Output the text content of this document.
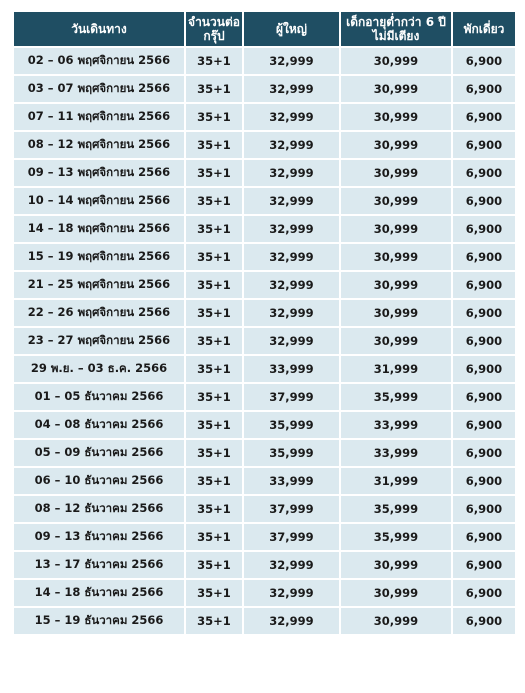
วันเดินทาง	จำนวนต่อ กรุ๊ป	ผู้ใหญ่	เด็กอายุต่ำกว่า 6 ปี ไม่มีเตียง	พักเดี่ยว
02 – 06 พฤศจิกายน 2566	35+1	32,999	30,999	6,900
03 – 07 พฤศจิกายน 2566	35+1	32,999	30,999	6,900
07 – 11 พฤศจิกายน 2566	35+1	32,999	30,999	6,900
08 – 12 พฤศจิกายน 2566	35+1	32,999	30,999	6,900
09 – 13 พฤศจิกายน 2566	35+1	32,999	30,999	6,900
10 – 14 พฤศจิกายน 2566	35+1	32,999	30,999	6,900
14 – 18 พฤศจิกายน 2566	35+1	32,999	30,999	6,900
15 – 19 พฤศจิกายน 2566	35+1	32,999	30,999	6,900
21 – 25 พฤศจิกายน 2566	35+1	32,999	30,999	6,900
22 – 26 พฤศจิกายน 2566	35+1	32,999	30,999	6,900
23 – 27 พฤศจิกายน 2566	35+1	32,999	30,999	6,900
29 พ.ย. – 03 ธ.ค. 2566	35+1	33,999	31,999	6,900
01 – 05 ธันวาคม 2566	35+1	37,999	35,999	6,900
04 – 08 ธันวาคม 2566	35+1	35,999	33,999	6,900
05 – 09 ธันวาคม 2566	35+1	35,999	33,999	6,900
06 – 10 ธันวาคม 2566	35+1	33,999	31,999	6,900
08 – 12 ธันวาคม 2566	35+1	37,999	35,999	6,900
09 – 13 ธันวาคม 2566	35+1	37,999	35,999	6,900
13 – 17 ธันวาคม 2566	35+1	32,999	30,999	6,900
14 – 18 ธันวาคม 2566	35+1	32,999	30,999	6,900
15 – 19 ธันวาคม 2566	35+1	32,999	30,999	6,900
